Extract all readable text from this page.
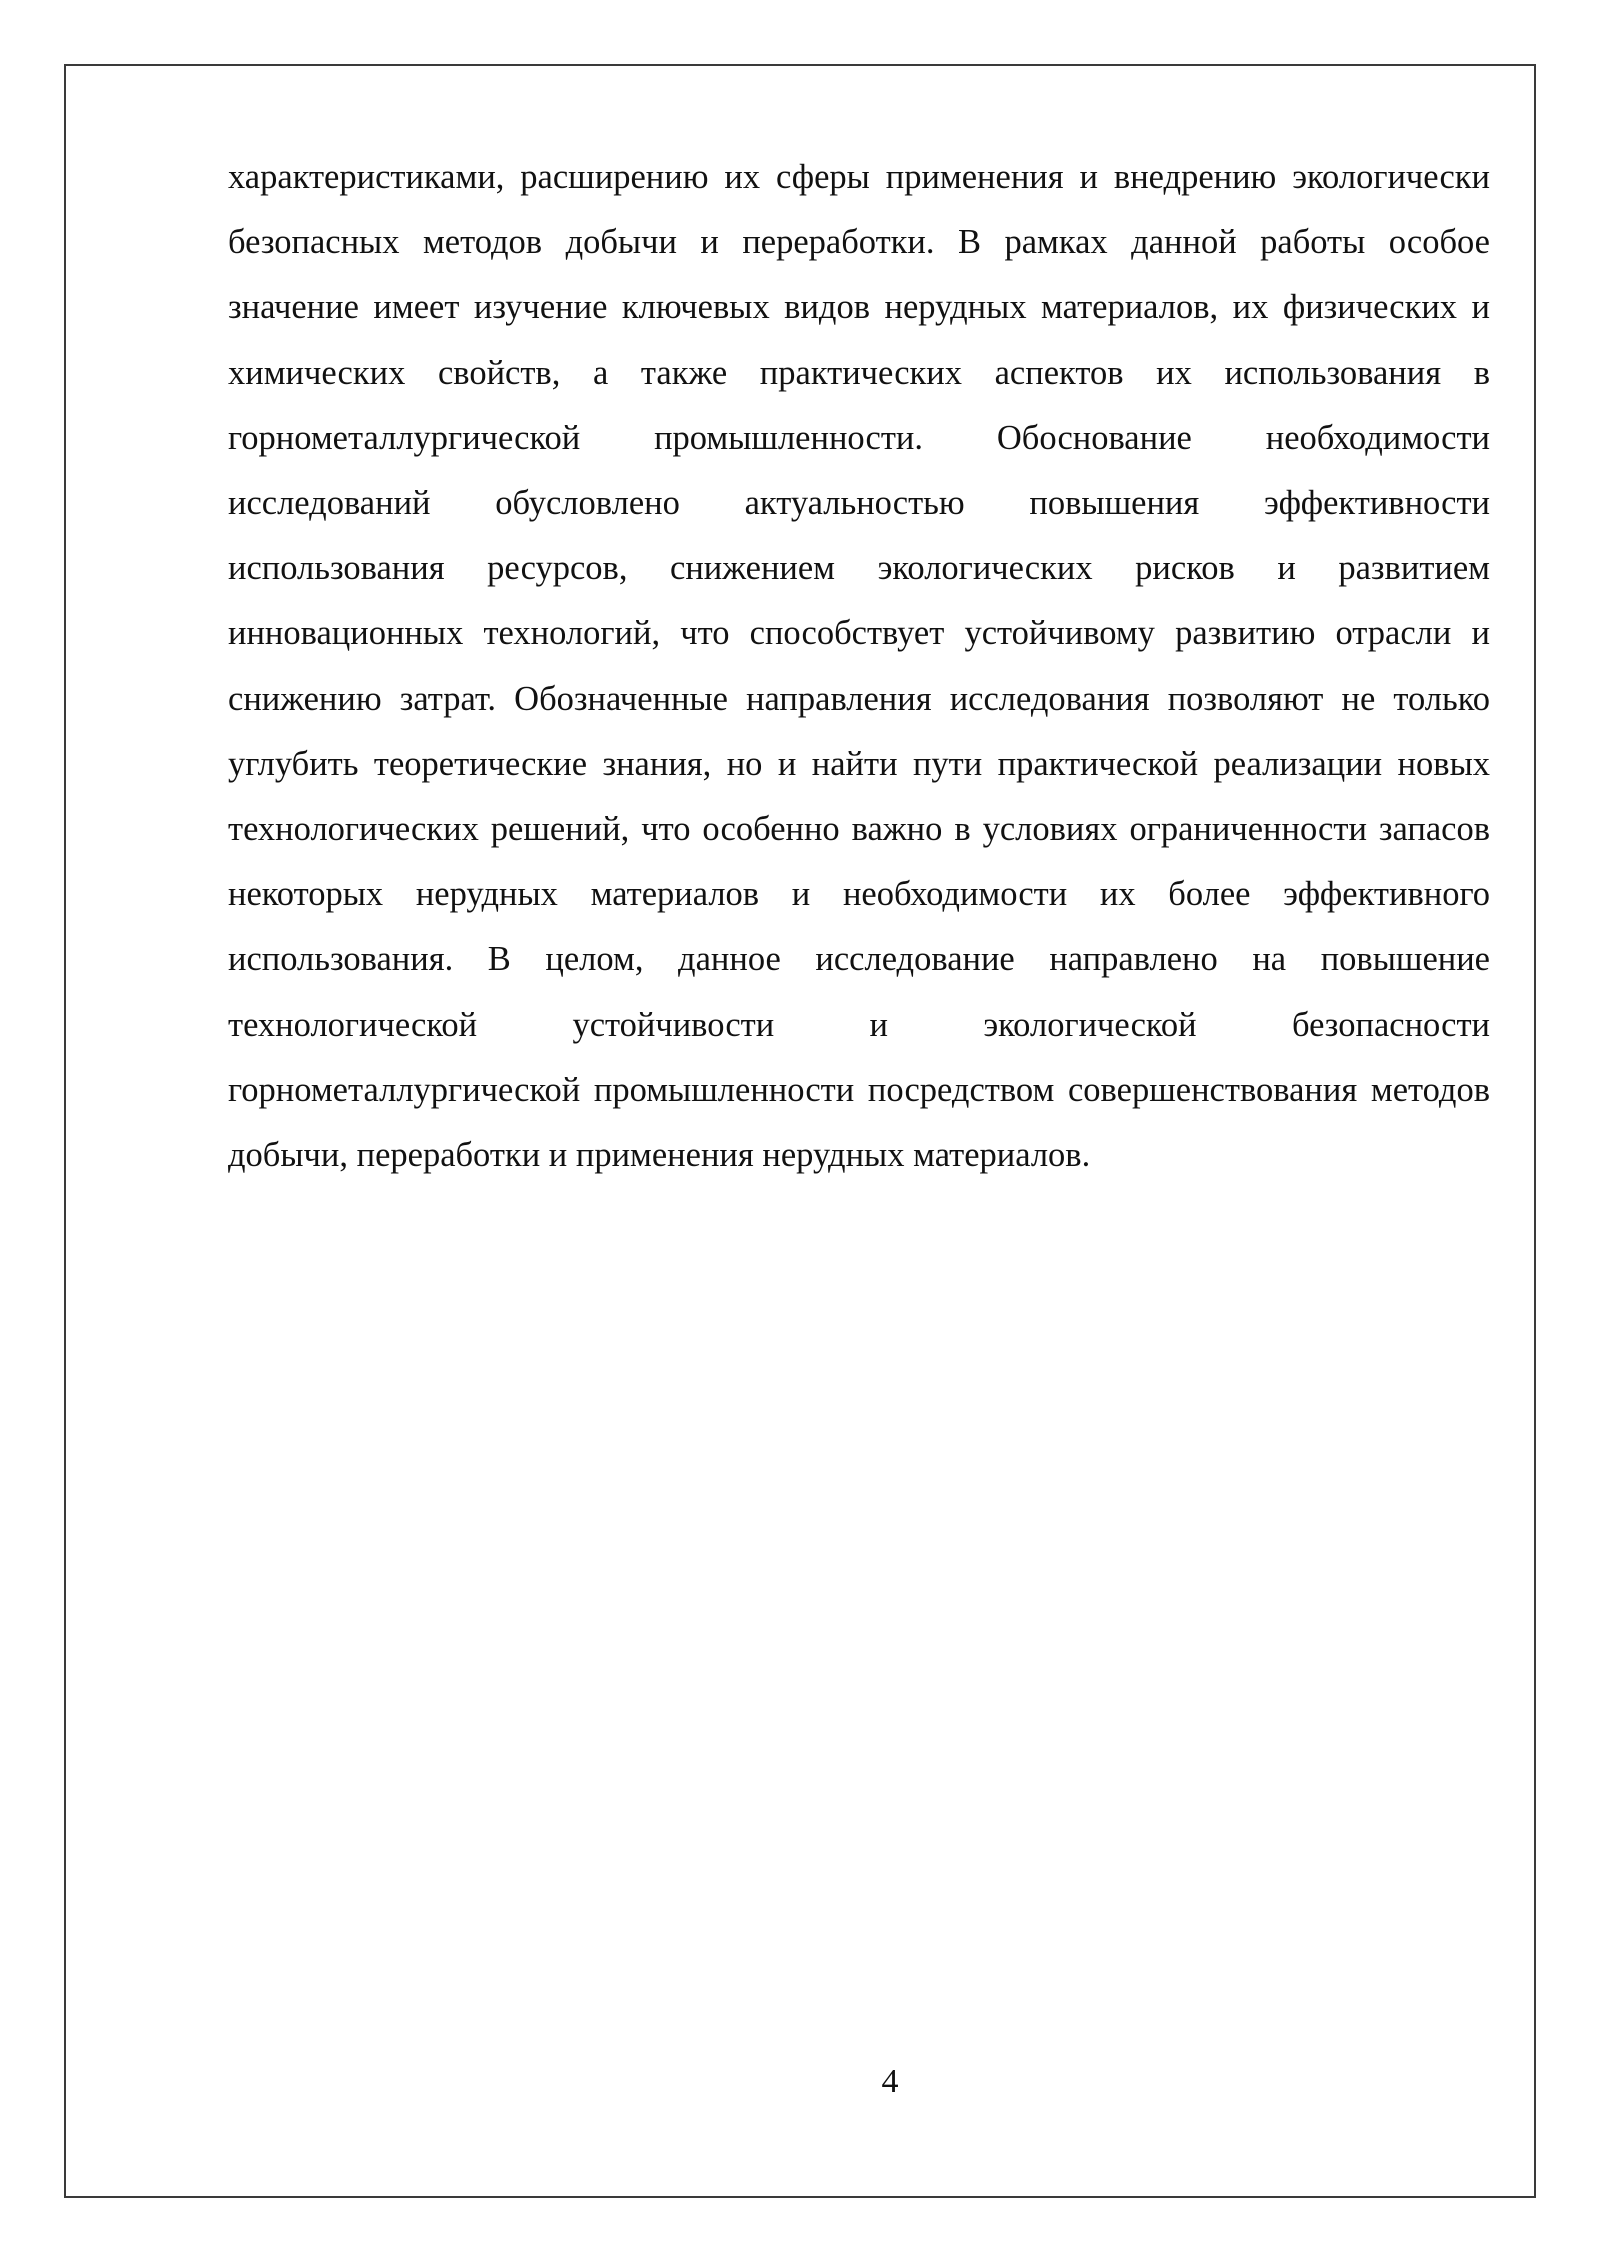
характеристиками, расширению их сферы применения и внедрению экологически безопасных методов добычи и переработки. В рамках данной работы особое значение имеет изучение ключевых видов нерудных материалов, их физических и химических свойств, а также практических аспектов их использования в горнометаллургической промышленности. Обоснование необходимости исследований обусловлено актуальностью повышения эффективности использования ресурсов, снижением экологических рисков и развитием инновационных технологий, что способствует устойчивому развитию отрасли и снижению затрат. Обозначенные направления исследования позволяют не только углубить теоретические знания, но и найти пути практической реализации новых технологических решений, что особенно важно в условиях ограниченности запасов некоторых нерудных материалов и необходимости их более эффективного использования. В целом, данное исследование направлено на повышение технологической устойчивости и экологической безопасности горнометаллургической промышленности посредством совершенствования методов добычи, переработки и применения нерудных материалов.

4
